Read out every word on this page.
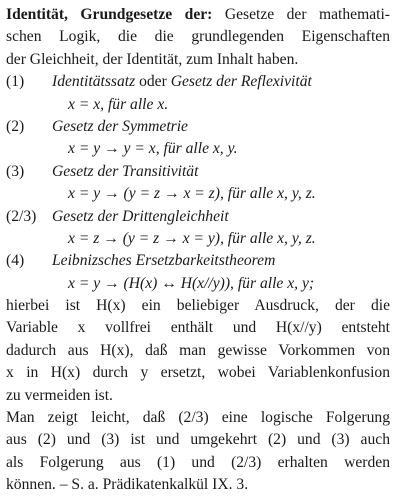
Identität, Grundgesetze der: Gesetze der mathemati-
schen Logik, die die grundlegenden Eigenschaften
der Gleichheit, der Identität, zum Inhalt haben.
(1) Identitätssatz oder Gesetz der Reflexivität
x = x, für alle x.
(2) Gesetz der Symmetrie
x = y → y = x, für alle x, y.
(3) Gesetz der Transitivität
x = y → (y = z → x = z), für alle x, y, z.
(2/3) Gesetz der Drittengleichheit
x = z → (y = z → x = y), für alle x, y, z.
(4) Leibnizsches Ersetzbarkeitstheorem
x = y → (H(x) ↔ H(x//y)), für alle x, y;
hierbei ist H(x) ein beliebiger Ausdruck, der die
Variable x vollfrei enthält und H(x//y) entsteht
dadurch aus H(x), daß man gewisse Vorkommen von
x in H(x) durch y ersetzt, wobei Variablenkonfusion
zu vermeiden ist.
Man zeigt leicht, daß (2/3) eine logische Folgerung
aus (2) und (3) ist und umgekehrt (2) und (3) auch
als Folgerung aus (1) und (2/3) erhalten werden
können. – S. a. Prädikatenkalkül IX. 3.
